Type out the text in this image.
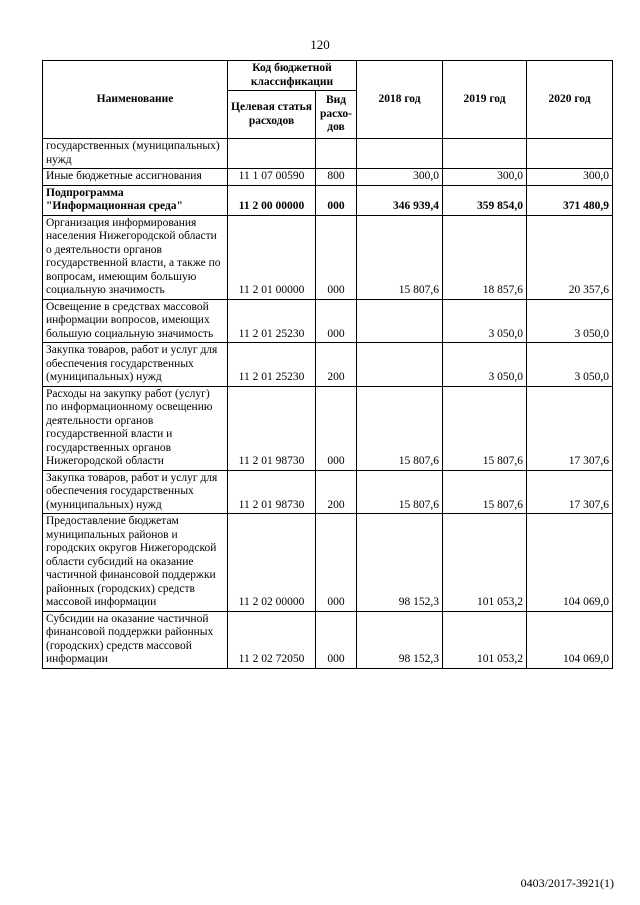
120
Наименование	Код бюджетной классификации		2018 год	2019 год	2020 год
	Целевая статья расходов	Вид расхо-дов			
государственных (муниципальных) нужд					
Иные бюджетные ассигнования	11 1 07 00590	800	300,0	300,0	300,0
Подпрограмма "Информационная среда"	11 2 00 00000	000	346 939,4	359 854,0	371 480,9
Организация информирования населения Нижегородской области о деятельности органов государственной власти, а также по вопросам, имеющим большую социальную значимость	11 2 01 00000	000	15 807,6	18 857,6	20 357,6
Освещение в средствах массовой информации вопросов, имеющих большую социальную значимость	11 2 01 25230	000		3 050,0	3 050,0
Закупка товаров, работ и услуг для обеспечения государственных (муниципальных) нужд	11 2 01 25230	200		3 050,0	3 050,0
Расходы на закупку работ (услуг) по информационному освещению деятельности органов государственной власти и государственных органов Нижегородской области	11 2 01 98730	000	15 807,6	15 807,6	17 307,6
Закупка товаров, работ и услуг для обеспечения государственных (муниципальных) нужд	11 2 01 98730	200	15 807,6	15 807,6	17 307,6
Предоставление бюджетам муниципальных районов и городских округов Нижегородской области субсидий на оказание частичной финансовой поддержки районных (городских) средств массовой информации	11 2 02 00000	000	98 152,3	101 053,2	104 069,0
Субсидии на оказание частичной финансовой поддержки районных (городских) средств массовой информации	11 2 02 72050	000	98 152,3	101 053,2	104 069,0
0403/2017-3921(1)
